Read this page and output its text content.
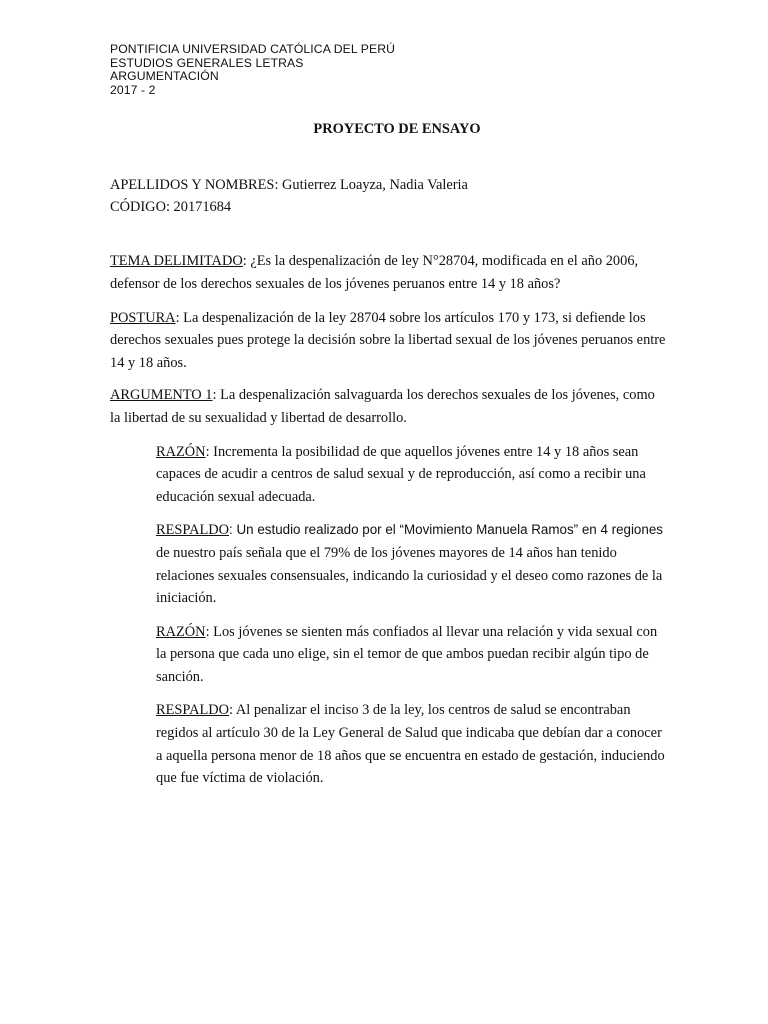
PONTIFICIA UNIVERSIDAD CATÓLICA DEL PERÚ
ESTUDIOS GENERALES LETRAS
ARGUMENTACIÓN
2017 - 2
PROYECTO DE ENSAYO
APELLIDOS Y NOMBRES: Gutierrez Loayza, Nadia Valeria
CÓDIGO: 20171684

TEMA DELIMITADO: ¿Es la despenalización de ley N°28704, modificada en el año 2006,
defensor de los derechos sexuales de los jóvenes peruanos entre 14 y 18 años?

POSTURA: La despenalización de la ley 28704 sobre los artículos 170 y 173, si defiende los
derechos sexuales pues protege la decisión sobre la libertad sexual de los jóvenes peruanos entre
14 y 18 años.

ARGUMENTO 1: La despenalización salvaguarda los derechos sexuales de los jóvenes, como
la libertad de su sexualidad y libertad de desarrollo.

RAZÓN: Incrementa la posibilidad de que aquellos jóvenes entre 14 y 18 años sean
capaces de acudir a centros de salud sexual y de reproducción, así como a recibir una
educación sexual adecuada.

RESPALDO: Un estudio realizado por el “Movimiento Manuela Ramos” en 4 regiones
de nuestro país señala que el 79% de los jóvenes mayores de 14 años han tenido
relaciones sexuales consensuales, indicando la curiosidad y el deseo como razones de la
iniciación.

RAZÓN: Los jóvenes se sienten más confiados al llevar una relación y vida sexual con
la persona que cada uno elige, sin el temor de que ambos puedan recibir algún tipo de
sanción.

RESPALDO: Al penalizar el inciso 3 de la ley, los centros de salud se encontraban
regidos al artículo 30 de la Ley General de Salud que indicaba que debían dar a conocer
a aquella persona menor de 18 años que se encuentra en estado de gestación, induciendo
que fue víctima de violación.
